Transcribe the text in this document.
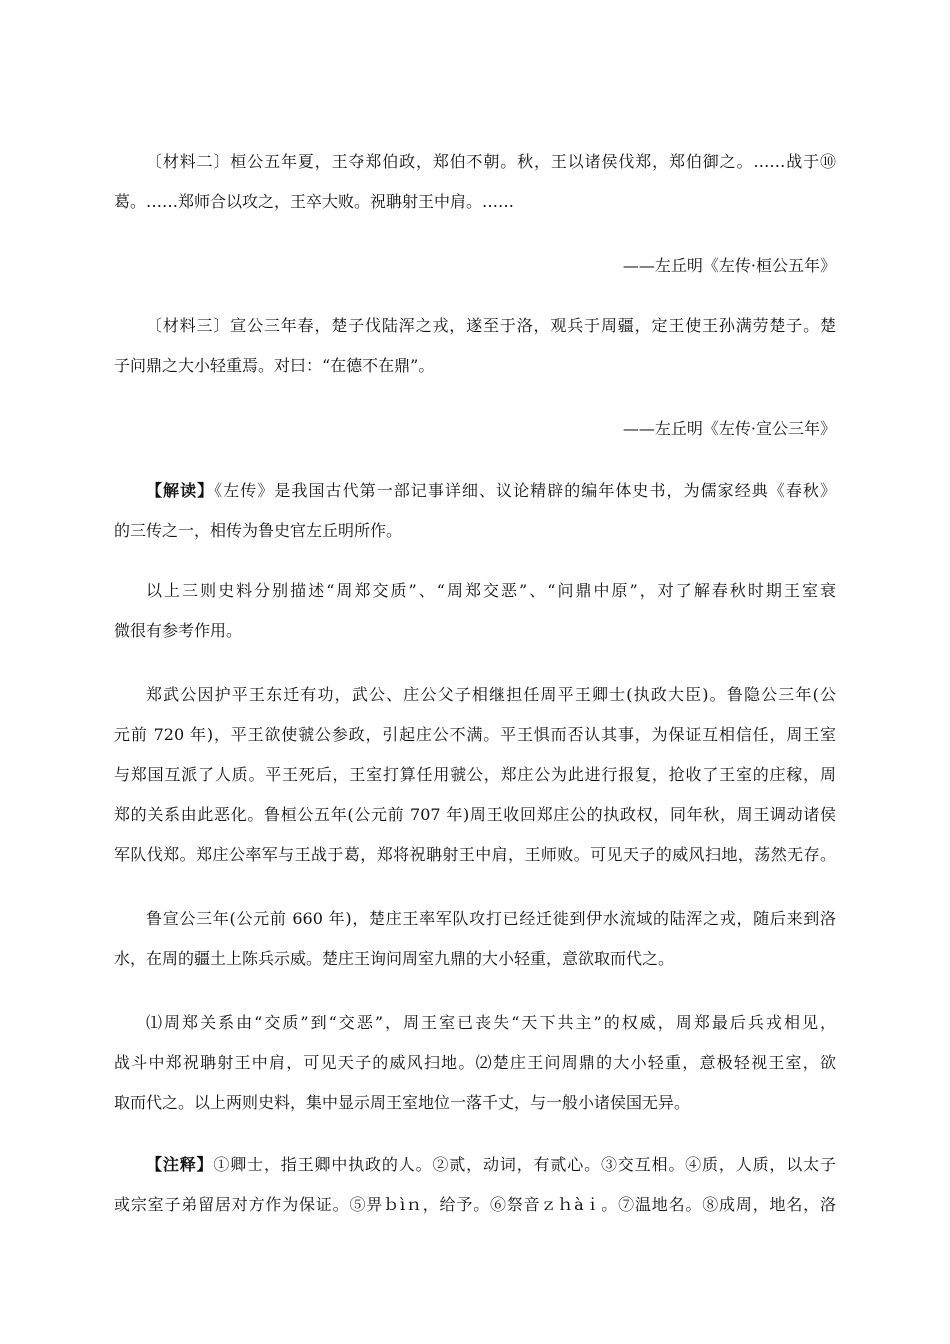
〔材料二〕桓公五年夏，王夺郑伯政，郑伯不朝。秋，王以诸侯伐郑，郑伯御之。……战于⑩
葛。……郑师合以攻之，王卒大败。祝聃射王中肩。……
——左丘明《左传·桓公五年》
〔材料三〕宣公三年春，楚子伐陆浑之戎，遂至于洛，观兵于周疆，定王使王孙满劳楚子。楚
子问鼎之大小轻重焉。对曰：“在德不在鼎”。
——左丘明《左传·宣公三年》
【解读】《左传》是我国古代第一部记事详细、议论精辟的编年体史书，为儒家经典《春秋》
的三传之一，相传为鲁史官左丘明所作。
以上三则史料分别描述“周郑交质”、“周郑交恶”、“问鼎中原”，对了解春秋时期王室衰
微很有参考作用。
郑武公因护平王东迁有功，武公、庄公父子相继担任周平王卿士(执政大臣)。鲁隐公三年(公
元前 720 年)，平王欲使虢公参政，引起庄公不满。平王惧而否认其事，为保证互相信任，周王室
与郑国互派了人质。平王死后，王室打算任用虢公，郑庄公为此进行报复，抢收了王室的庄稼，周
郑的关系由此恶化。鲁桓公五年(公元前 707 年)周王收回郑庄公的执政权，同年秋，周王调动诸侯
军队伐郑。郑庄公率军与王战于葛，郑将祝聃射王中肩，王师败。可见天子的威风扫地，荡然无存。
鲁宣公三年(公元前 660 年)，楚庄王率军队攻打已经迁徙到伊水流域的陆浑之戎，随后来到洛
水，在周的疆土上陈兵示威。楚庄王询问周室九鼎的大小轻重，意欲取而代之。
⑴周郑关系由“交质”到“交恶”，周王室已丧失“天下共主”的权威，周郑最后兵戎相见，
战斗中郑祝聃射王中肩，可见天子的威风扫地。⑵楚庄王问周鼎的大小轻重，意极轻视王室，欲
取而代之。以上两则史料，集中显示周王室地位一落千丈，与一般小诸侯国无异。
【注释】①卿士，指王卿中执政的人。②贰，动词，有贰心。③交互相。④质，人质，以太子
或宗室子弟留居对方作为保证。⑤畀ｂìｎ，给予。⑥祭音ｚｈàｉ。⑦温地名。⑧成周，地名，洛
